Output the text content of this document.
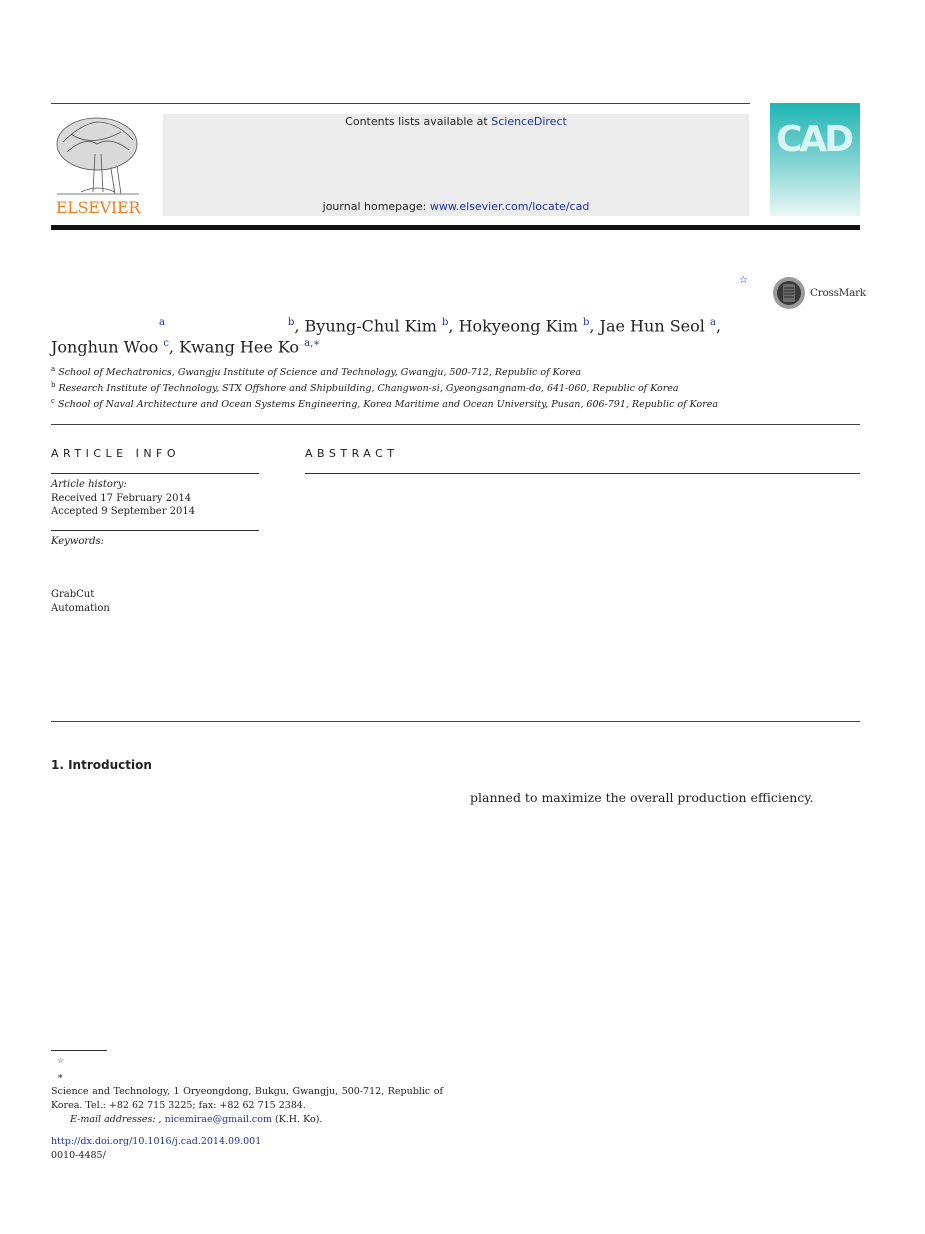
ELSEVIER
Contents lists available at ScienceDirect
journal homepage: www.elsevier.com/locate/cad
CAD
☆
CrossMark
$^a$	$^b$, Byung-Chul Kim $^b$, Hokyeong Kim $^b$, Jae Hun Seol $^a$,
Jonghun Woo $^c$, Kwang Hee Ko $^{a,∗}$
$^a$ School of Mechatronics, Gwangju Institute of Science and Technology, Gwangju, 500-712, Republic of Korea
$^b$ Research Institute of Technology, STX Offshore and Shipbuilding, Changwon-si, Gyeongsangnam-do, 641-060, Republic of Korea
$^c$ School of Naval Architecture and Ocean Systems Engineering, Korea Maritime and Ocean University, Pusan, 606-791, Republic of Korea
ARTICLE INFO	ABSTRACT
Article history:
Received 17 February 2014
Accepted 9 September 2014
Keywords:
GrabCut
Automation
1. Introduction
planned to maximize the overall production efficiency.
☆
∗
Science and Technology, 1 Oryeongdong, Bukgu, Gwangju, 500-712, Republic of Korea. Tel.: +82 62 715 3225; fax: +82 62 715 2384.
E-mail addresses: , nicemirae@gmail.com (K.H. Ko).
http://dx.doi.org/10.1016/j.cad.2014.09.001
0010-4485/
